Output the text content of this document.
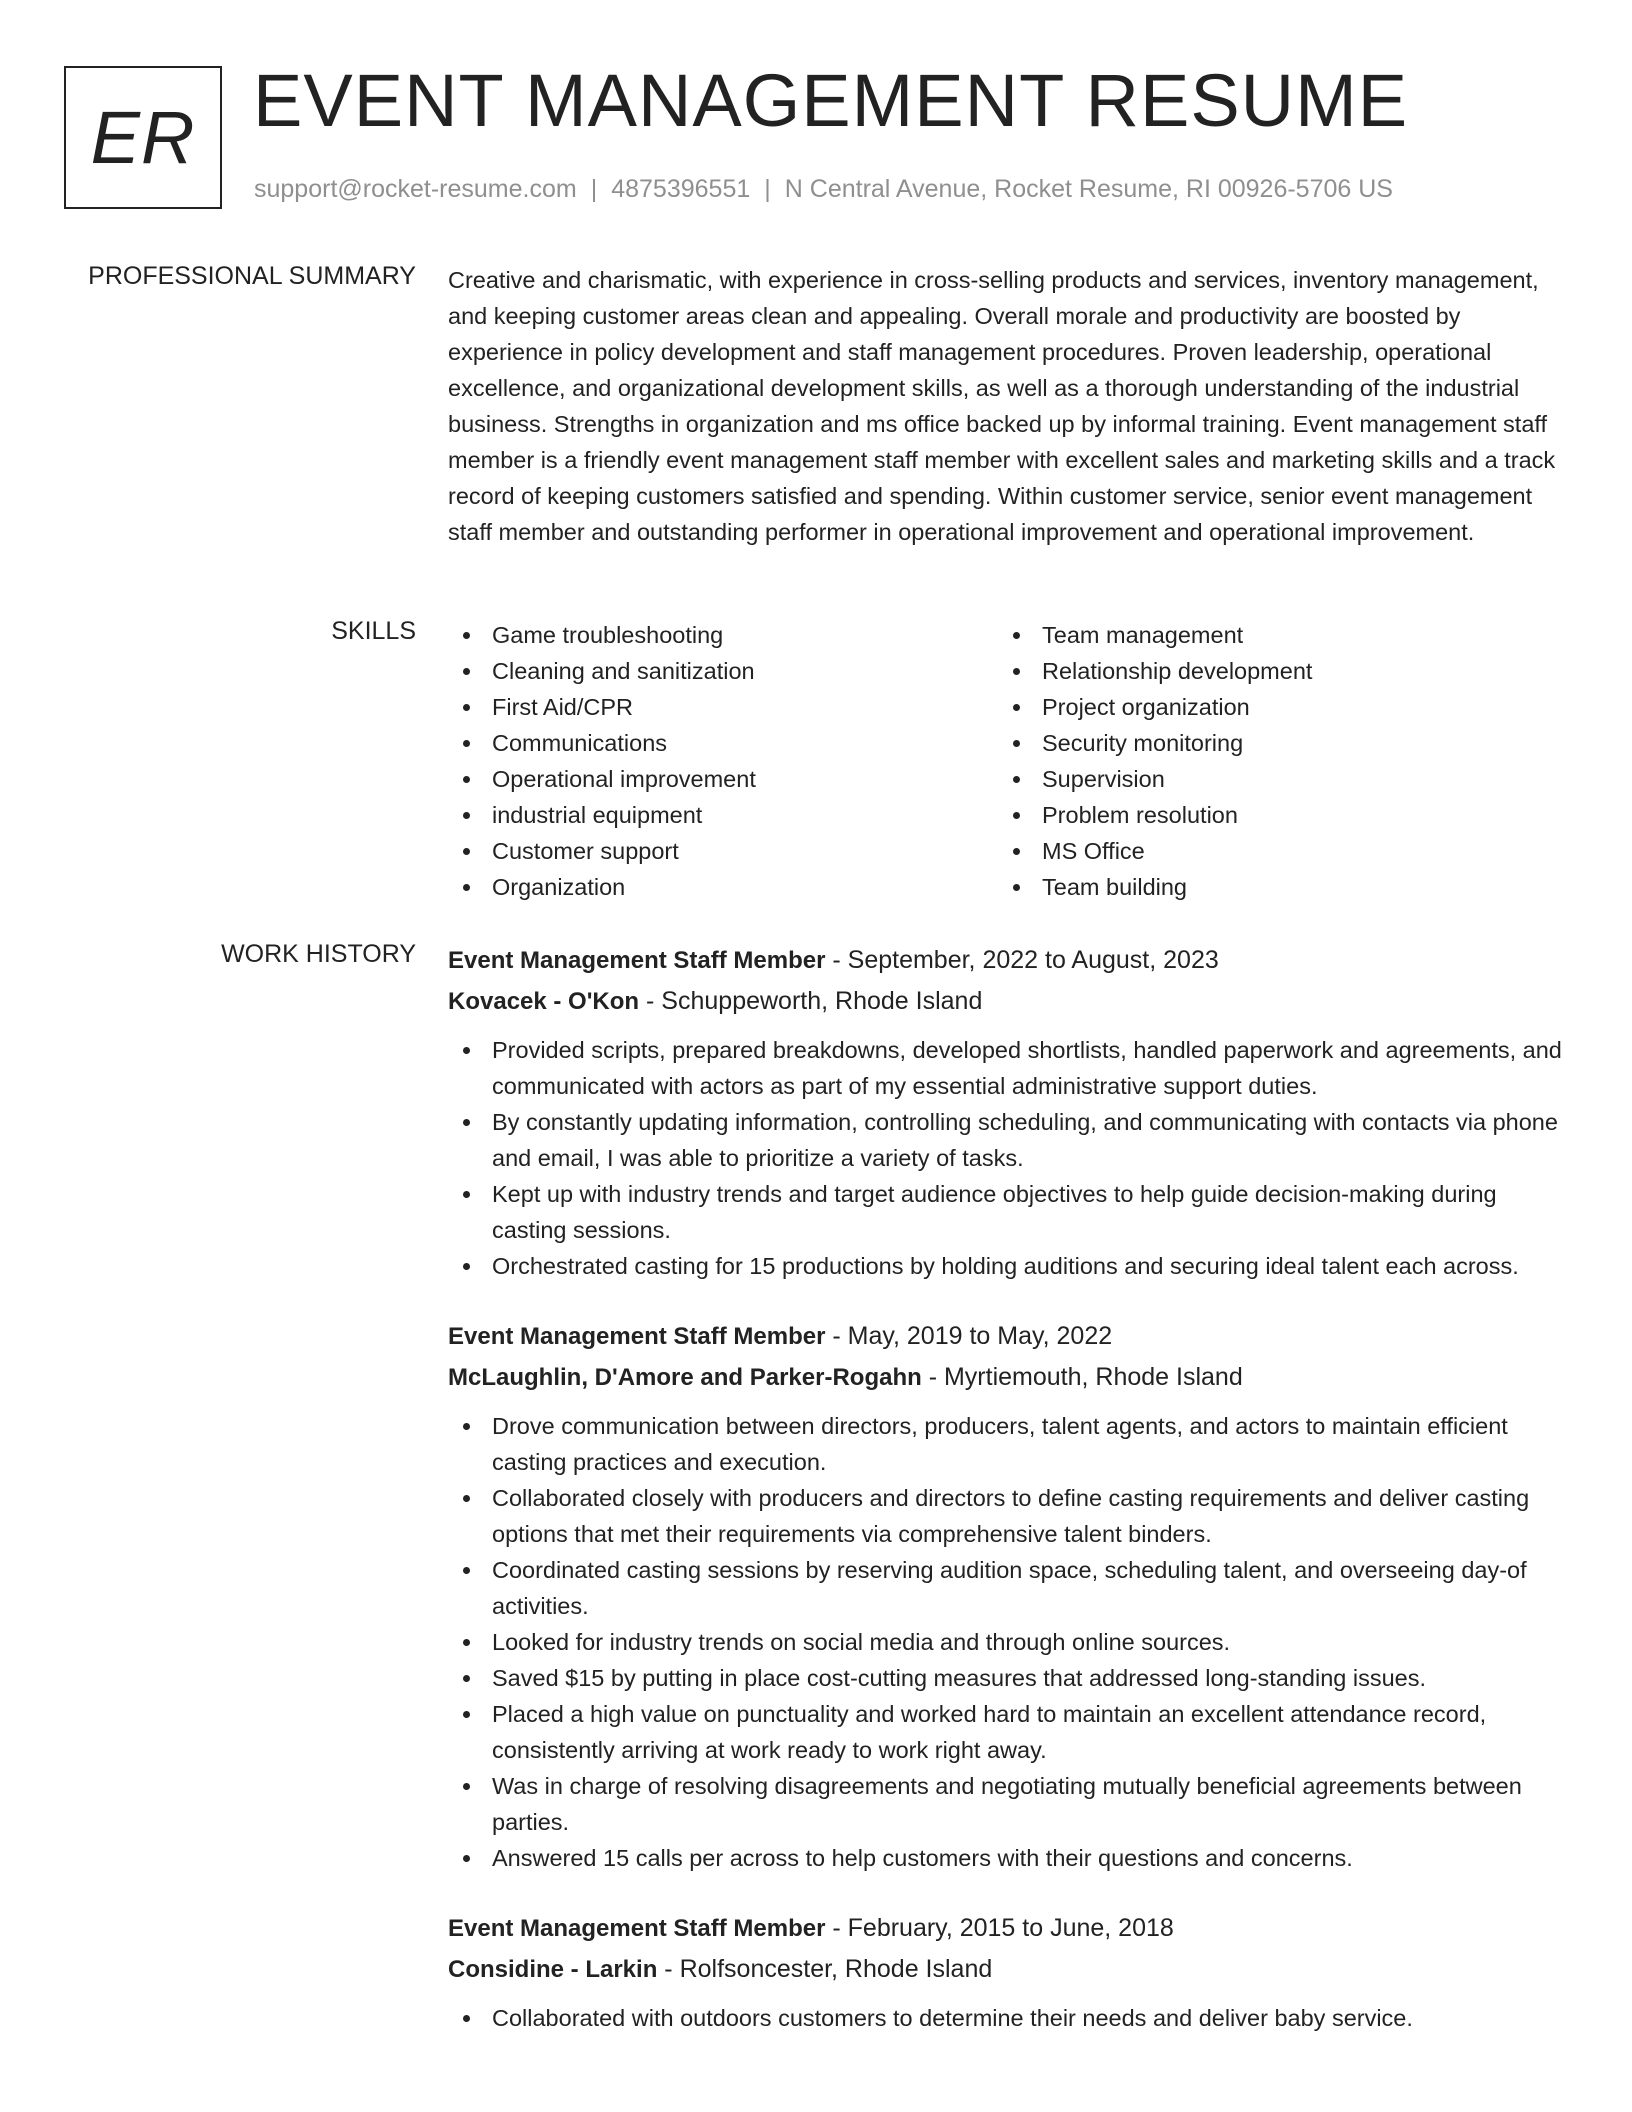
ER EVENT MANAGEMENT RESUME
support@rocket-resume.com | 4875396551 | N Central Avenue, Rocket Resume, RI 00926-5706 US
PROFESSIONAL SUMMARY Creative and charismatic, with experience in cross-selling products and services, inventory management, and keeping customer areas clean and appealing. Overall morale and productivity are boosted by experience in policy development and staff management procedures. Proven leadership, operational excellence, and organizational development skills, as well as a thorough understanding of the industrial business. Strengths in organization and ms office backed up by informal training. Event management staff member is a friendly event management staff member with excellent sales and marketing skills and a track record of keeping customers satisfied and spending. Within customer service, senior event management staff member and outstanding performer in operational improvement and operational improvement.

SKILLS	Game troubleshooting
Cleaning and sanitization
First Aid/CPR
Communications
Operational improvement
industrial equipment
Customer support
Organization
Team management
Relationship development
Project organization
Security monitoring
Supervision
Problem resolution
MS Office
Team building
WORK HISTORY Event Management Staff Member - September, 2022 to August, 2023
Kovacek - O'Kon - Schuppeworth, Rhode Island
Provided scripts, prepared breakdowns, developed shortlists, handled paperwork and agreements, and communicated with actors as part of my essential administrative support duties.
By constantly updating information, controlling scheduling, and communicating with contacts via phone and email, I was able to prioritize a variety of tasks.
Kept up with industry trends and target audience objectives to help guide decision-making during casting sessions.
Orchestrated casting for 15 productions by holding auditions and securing ideal talent each across.
Event Management Staff Member - May, 2019 to May, 2022
McLaughlin, D'Amore and Parker-Rogahn - Myrtiemouth, Rhode Island
Drove communication between directors, producers, talent agents, and actors to maintain efficient casting practices and execution.
Collaborated closely with producers and directors to define casting requirements and deliver casting options that met their requirements via comprehensive talent binders.
Coordinated casting sessions by reserving audition space, scheduling talent, and overseeing day-of activities.
Looked for industry trends on social media and through online sources.
Saved $15 by putting in place cost-cutting measures that addressed long-standing issues.
Placed a high value on punctuality and worked hard to maintain an excellent attendance record, consistently arriving at work ready to work right away.
Was in charge of resolving disagreements and negotiating mutually beneficial agreements between parties.
Answered 15 calls per across to help customers with their questions and concerns.
Event Management Staff Member - February, 2015 to June, 2018
Considine - Larkin - Rolfsoncester, Rhode Island
Collaborated with outdoors customers to determine their needs and deliver baby service.
